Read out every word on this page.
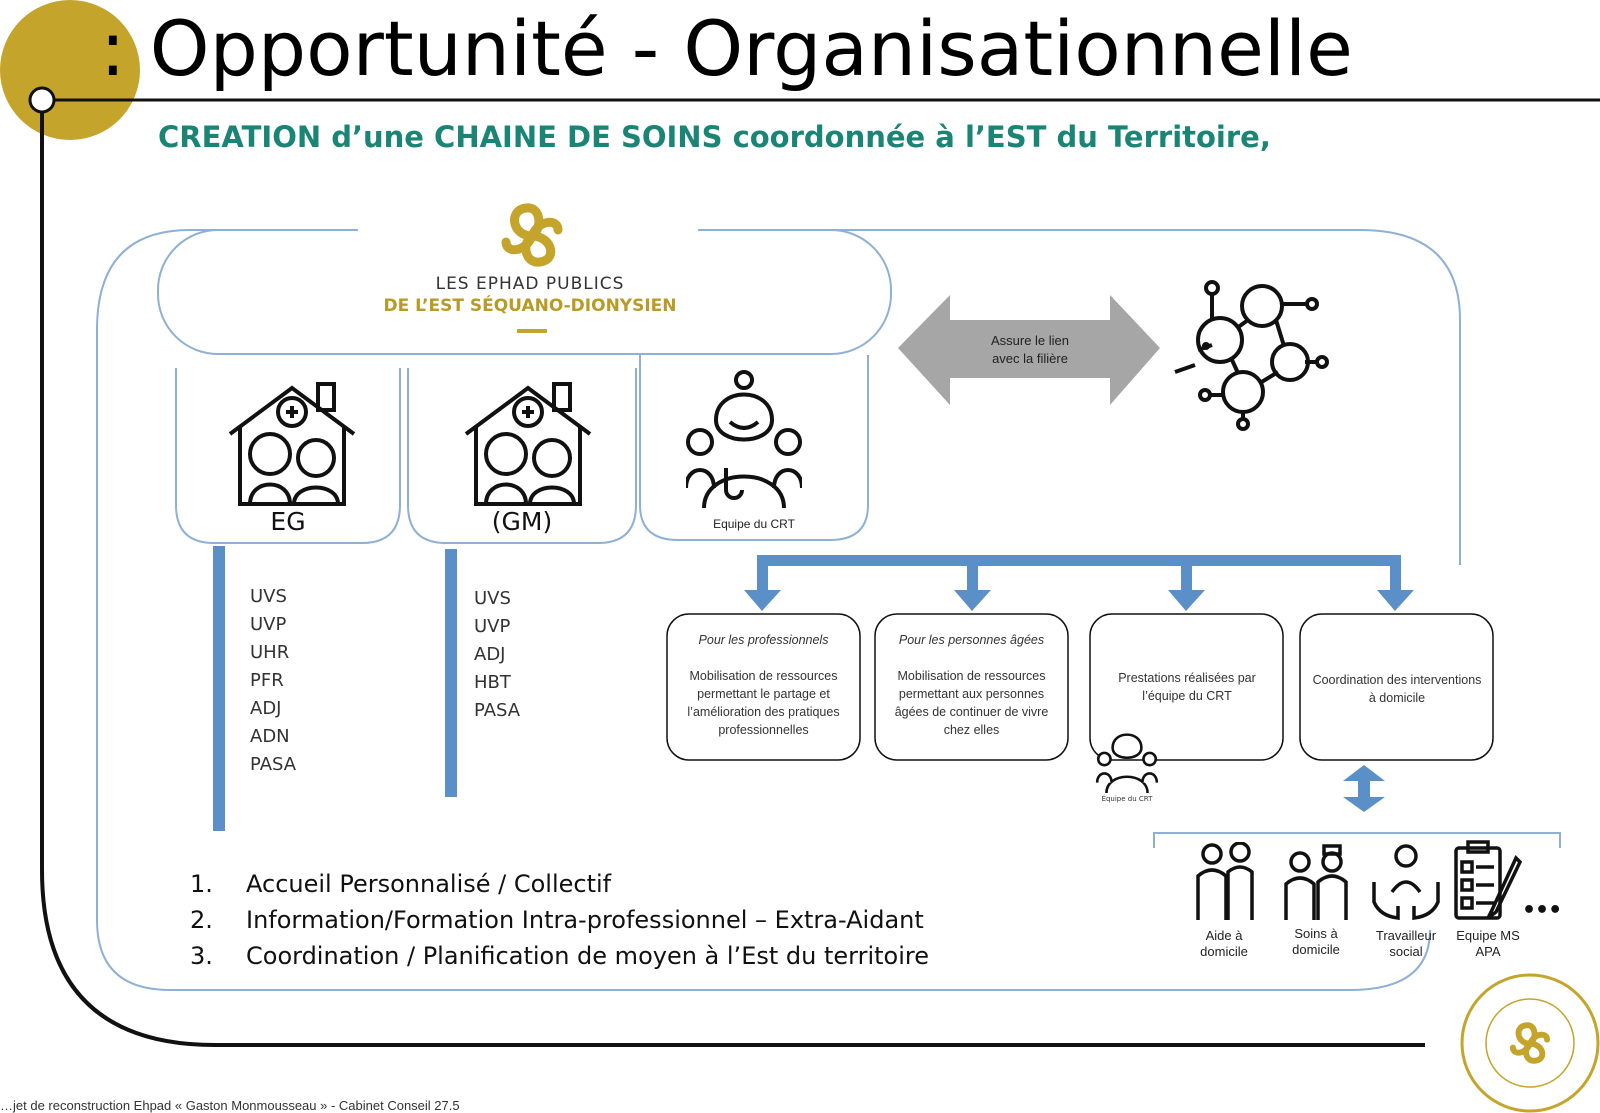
: Opportunité - Organisationnelle
CREATION d’une CHAINE DE SOINS coordonnée à l’EST du Territoire,
LES EPHAD PUBLICS
DE L’EST SÉQUANO-DIONYSIEN
EG	(GM)	Equipe du CRT
UVS
UVP
UHR
PFR
ADJ
ADN
PASA
UVS
UVP
ADJ
HBT
PASA
Assure le lien avec la filière
Pour les professionnels
Mobilisation de ressources permettant le partage et l’amélioration des pratiques professionnelles
Pour les personnes âgées
Mobilisation de ressources permettant aux personnes âgées de continuer de vivre chez elles
Prestations réalisées par l’équipe du CRT
Coordination des interventions à domicile
Équipe du CRT
•••
Aide à domicile
Soins à domicile
Travailleur social
Equipe MS APA
1. Accueil Personnalisé / Collectif
2. Information/Formation Intra-professionnel – Extra-Aidant
3. Coordination / Planification de moyen à l’Est du territoire
…jet de reconstruction Ehpad « Gaston Monmousseau » - Cabinet Conseil 27.5
